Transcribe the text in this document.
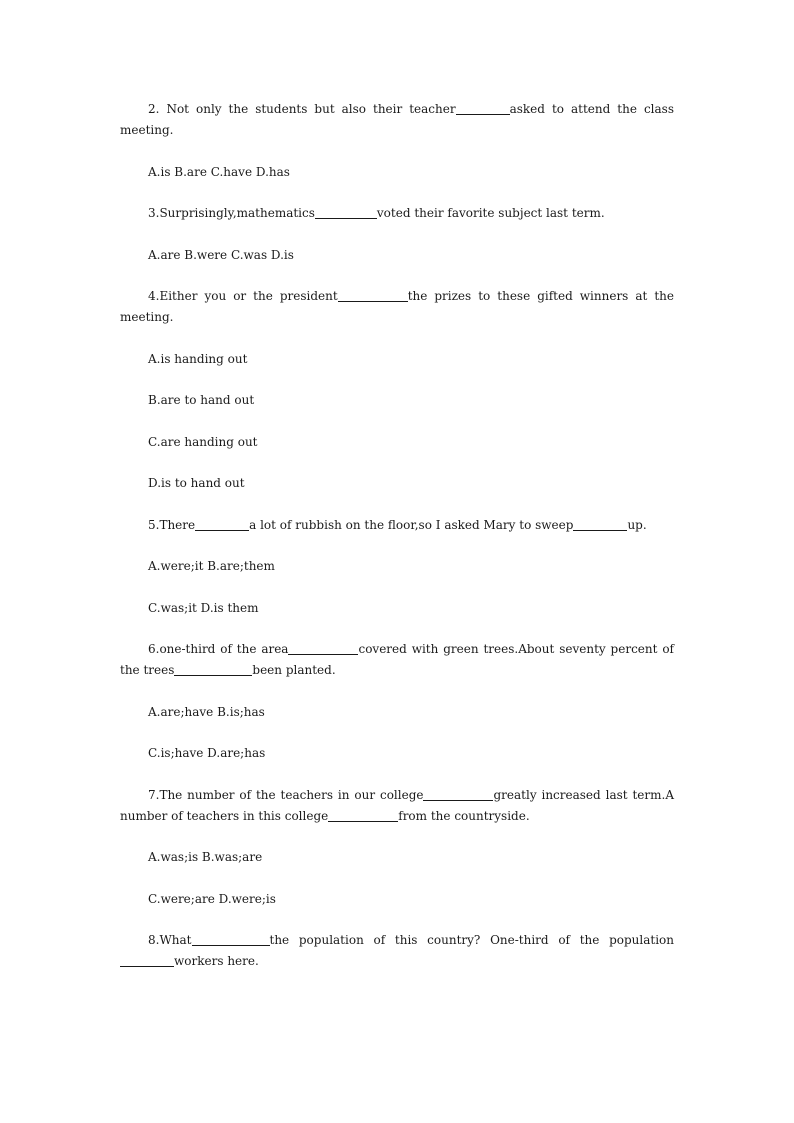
2. Not only the students but also their teacher	asked to attend the class meeting.

A.is B.are C.have D.has

3.Surprisingly,mathematics	voted their favorite subject last term.

A.are B.were C.was D.is

4.Either you or the president	the prizes to these gifted winners at the meeting.

A.is handing out

B.are to hand out

C.are handing out

D.is to hand out

5.There	a lot of rubbish on the floor,so I asked Mary to sweep	up.

A.were;it B.are;them

C.was;it D.is them

6.one-third of the area	covered with green trees.About seventy percent of the trees	been planted.

A.are;have B.is;has

C.is;have D.are;has

7.The number of the teachers in our college	greatly increased last term.A number of teachers in this college	from the countryside.

A.was;is B.was;are

C.were;are D.were;is

8.What	the population of this country? One-third of the populationworkers here.
